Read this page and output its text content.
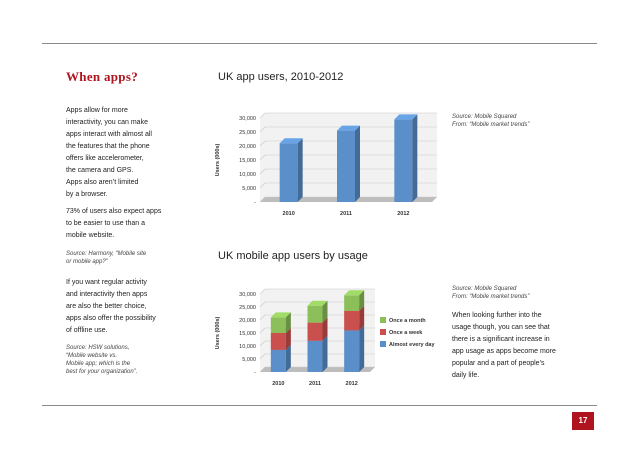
When apps?
Apps allow for more
interactivity, you can make
apps interact with almost all
the features that the phone
offers like accelerometer,
the camera and GPS.
Apps also aren’t limited
by a browser.
73% of users also expect apps
to be easier to use than a
mobile website.
Source: Harmony, “Mobile site
or mobile app?”
If you want regular activity
and interactivity then apps
are also the better choice,
apps also offer the possibility
of offline use.
Source: HSW solutions,
“Mobile website vs.
Mobile app; which is the
best for your organization”.
UK app users, 2010-2012
UK mobile app users by usage
-
5,000
10,000
15,000
20,000
25,000
30,000
Users (000s)
2010	2011	2012
-
5,000
10,000
15,000
20,000
25,000
30,000
Users (000s)
2010	2011	2012
Once a month
Once a week
Almost every day
Source: Mobile Squared
From: “Mobile market trends”
Source: Mobile Squared
From: “Mobile market trends”
When looking further into the
usage though, you can see that
there is a significant increase in
app usage as apps become more
popular and a part of people’s
daily life.
17
